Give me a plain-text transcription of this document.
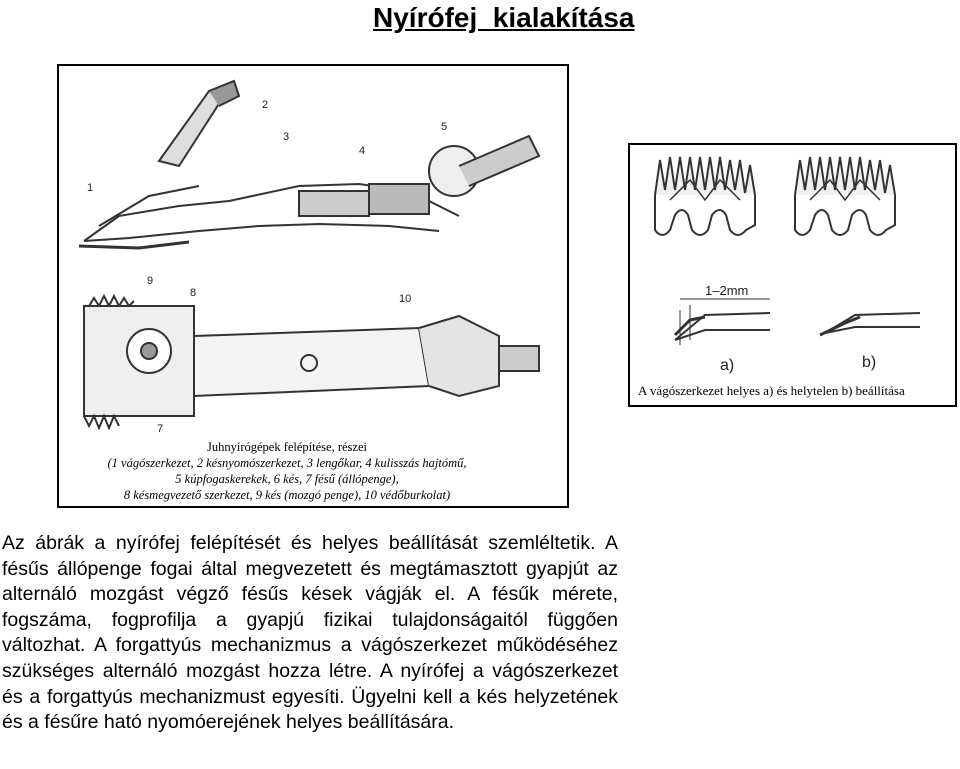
Nyírófej  kialakítása
1
2
3
4
5
9
8	10
7
Juhnyírógépek felépítése, részei
(1 vágószerkezet, 2 késnyomószerkezet, 3 lengőkar, 4 kulisszás hajtómű,
5 kúpfogaskerekek, 6 kés, 7 fésű (állópenge),
8 késmegvezető szerkezet, 9 kés (mozgó penge), 10 védőburkolat)
1–2mm
a)	b)
A vágószerkezet helyes a) és helytelen b) beállítása
Az ábrák a nyírófej felépítését és helyes beállítását szemléltetik. A fésűs állópenge fogai által megvezetett és megtámasztott gyapjút az alternáló mozgást végző fésűs kések vágják el. A fésűk mérete, fogszáma, fogprofilja a gyapjú fizikai tulajdonságaitól függően változhat. A forgattyús mechanizmus a vágószerkezet működéséhez szükséges alternáló mozgást hozza létre. A nyírófej a vágószerkezet és a forgattyús mechanizmust egyesíti. Ügyelni kell a kés helyzetének és a fésűre ható nyomóerejének helyes beállítására.
